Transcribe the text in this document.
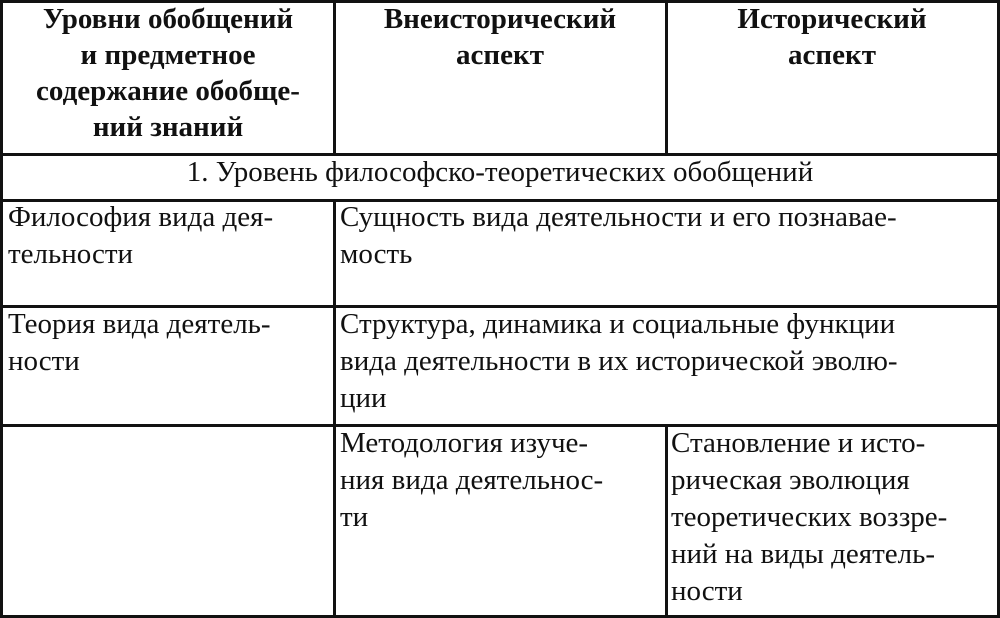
Уровни обобщений
и предметное
содержание обобще-
ний знаний
Внеисторический
аспект
Исторический
аспект
1. Уровень философско-теоретических обобщений
Философия вида дея-
тельности
Сущность вида деятельности и его познавае-
мость
Теория вида деятель-
ности
Структура, динамика и социальные функции
вида деятельности в их исторической эволю-
ции
Методология изуче-
ния вида деятельнос-
ти
Становление и исто-
рическая эволюция
теоретических воззре-
ний на виды деятель-
ности
